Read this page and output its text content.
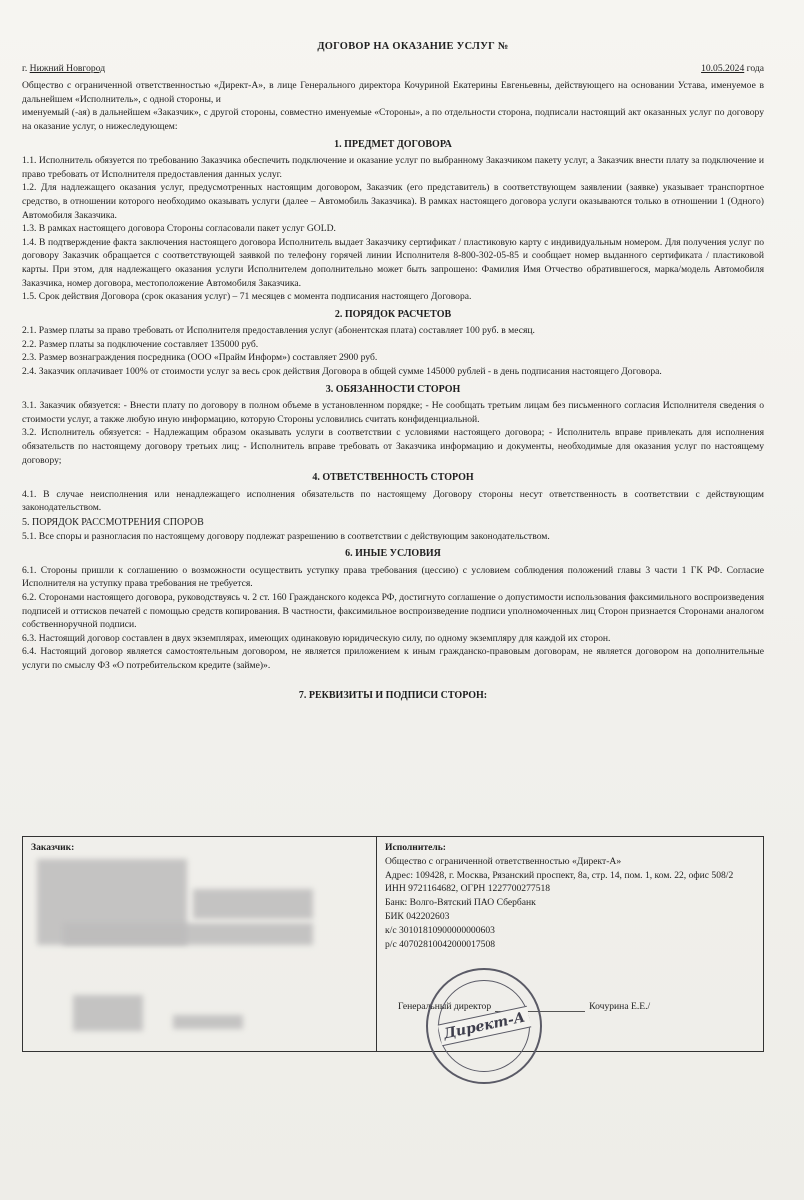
ДОГОВОР НА ОКАЗАНИЕ УСЛУГ №
г. Нижний Новгород	10.05.2024 года

Общество с ограниченной ответственностью «Директ-А», в лице Генерального директора Кочуриной Екатерины Евгеньевны, действующего на основании Устава, именуемое в дальнейшем «Исполнитель», с одной стороны, и

именуемый (-ая) в дальнейшем «Заказчик», с другой стороны, совместно именуемые «Стороны», а по отдельности сторона, подписали настоящий акт оказанных услуг по договору на оказание услуг, о нижеследующем:

1. ПРЕДМЕТ ДОГОВОРА
1.1. Исполнитель обязуется по требованию Заказчика обеспечить подключение и оказание услуг по выбранному Заказчиком пакету услуг, а Заказчик внести плату за подключение и право требовать от Исполнителя предоставления данных услуг.
1.2. Для надлежащего оказания услуг, предусмотренных настоящим договором, Заказчик (его представитель) в соответствующем заявлении (заявке) указывает транспортное средство, в отношении которого необходимо оказывать услуги (далее – Автомобиль Заказчика). В рамках настоящего договора услуги оказываются только в отношении 1 (Одного) Автомобиля Заказчика.
1.3. В рамках настоящего договора Стороны согласовали пакет услуг GOLD.
1.4. В подтверждение факта заключения настоящего договора Исполнитель выдает Заказчику сертификат / пластиковую карту с индивидуальным номером. Для получения услуг по договору Заказчик обращается с соответствующей заявкой по телефону горячей линии Исполнителя 8-800-302-05-85 и сообщает номер выданного сертификата / пластиковой карты. При этом, для надлежащего оказания услуги Исполнителем дополнительно может быть запрошено: Фамилия Имя Отчество обратившегося, марка/модель Автомобиля Заказчика, номер договора, местоположение Автомобиля Заказчика.
1.5. Срок действия Договора (срок оказания услуг) – 71 месяцев с момента подписания настоящего Договора.
2. ПОРЯДОК РАСЧЕТОВ
2.1. Размер платы за право требовать от Исполнителя предоставления услуг (абонентская плата) составляет 100 руб. в месяц.
2.2. Размер платы за подключение составляет 135000 руб.
2.3. Размер вознаграждения посредника (ООО «Прайм Информ») составляет 2900 руб.
2.4. Заказчик оплачивает 100% от стоимости услуг за весь срок действия Договора в общей сумме 145000 рублей - в день подписания настоящего Договора.
3. ОБЯЗАННОСТИ СТОРОН
3.1. Заказчик обязуется: - Внести плату по договору в полном объеме в установленном порядке; - Не сообщать третьим лицам без письменного согласия Исполнителя сведения о стоимости услуг, а также любую иную информацию, которую Стороны условились считать конфиденциальной.
3.2. Исполнитель обязуется: - Надлежащим образом оказывать услуги в соответствии с условиями настоящего договора; - Исполнитель вправе привлекать для исполнения обязательств по настоящему договору третьих лиц; - Исполнитель вправе требовать от Заказчика информацию и документы, необходимые для оказания услуг по настоящему договору;
4. ОТВЕТСТВЕННОСТЬ СТОРОН
4.1. В случае неисполнения или ненадлежащего исполнения обязательств по настоящему Договору стороны несут ответственность в соответствии с действующим законодательством.
5. ПОРЯДОК РАССМОТРЕНИЯ СПОРОВ
5.1. Все споры и разногласия по настоящему договору подлежат разрешению в соответствии с действующим законодательством.
6. ИНЫЕ УСЛОВИЯ
6.1. Стороны пришли к соглашению о возможности осуществить уступку права требования (цессию) с условием соблюдения положений главы 3 части 1 ГК РФ. Согласие Исполнителя на уступку права требования не требуется.
6.2. Сторонами настоящего договора, руководствуясь ч. 2 ст. 160 Гражданского кодекса РФ, достигнуто соглашение о допустимости использования факсимильного воспроизведения подписей и оттисков печатей с помощью средств копирования. В частности, факсимильное воспроизведение подписи уполномоченных лиц Сторон признается Сторонами аналогом собственноручной подписи.
6.3. Настоящий договор составлен в двух экземплярах, имеющих одинаковую юридическую силу, по одному экземпляру для каждой их сторон.
6.4. Настоящий договор является самостоятельным договором, не является приложением к иным гражданско-правовым договорам, не является договором на дополнительные услуги по смыслу ФЗ «О потребительском кредите (займе)».
7. РЕКВИЗИТЫ И ПОДПИСИ СТОРОН:
Заказчик:	Исполнитель:
Общество с ограниченной ответственностью «Директ-А»
Адрес: 109428, г. Москва, Рязанский проспект, 8а, стр. 14, пом. 1, ком. 22, офис 508/2
ИНН 9721164682, ОГРН 1227700277518
Банк: Волго-Вятский ПАО Сбербанк
БИК 042202603
к/с 30101810900000000603
р/с 40702810042000017508
Генеральный директор	Кочурина Е.Е./
Директ-А
